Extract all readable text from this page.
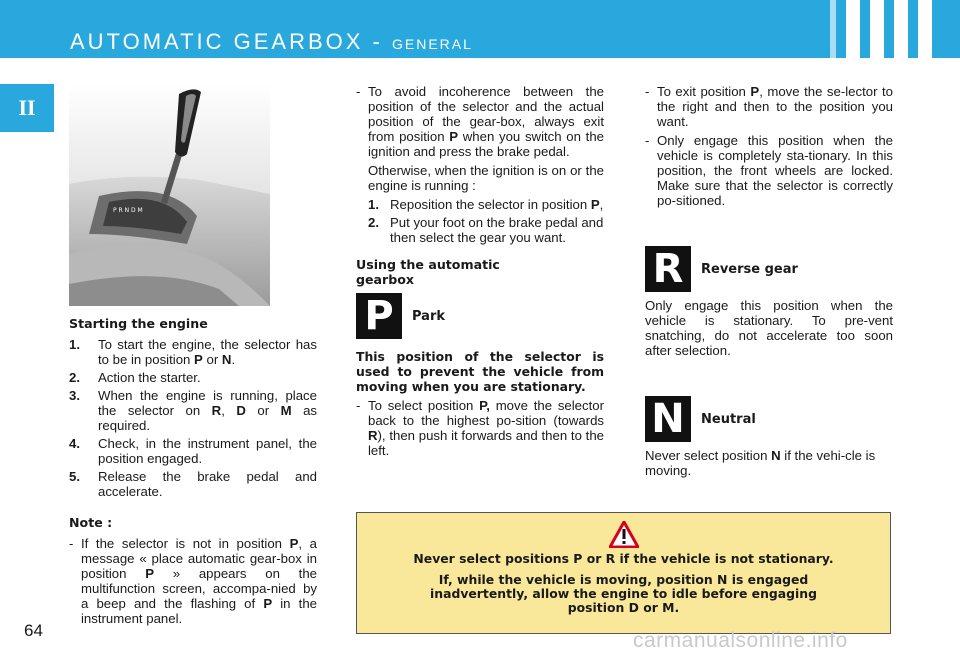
AUTOMATIC GEARBOX - GENERAL
II
P R N D M
Starting the engine
1.	To start the engine, the selector has to be in position P or N.
2.	Action the starter.
3.	When the engine is running, place the selector on R, D or M as required.
4.	Check, in the instrument panel, the position engaged.
5.	Release the brake pedal and accelerate.
Note :
- If the selector is not in position P, a message « place automatic gear-box in position P » appears on the multifunction screen, accompa-nied by a beep and the flashing of P in the instrument panel.
- To avoid incoherence between the position of the selector and the actual position of the gear-box, always exit from position P when you switch on the ignition and press the brake pedal.
Otherwise, when the ignition is on or the engine is running :
1. Reposition the selector in position P,
2. Put your foot on the brake pedal and then select the gear you want.
Using the automatic gearbox
P	Park
This position of the selector is used to prevent the vehicle from moving when you are stationary.
- To select position P, move the selector back to the highest po-sition (towards R), then push it forwards and then to the left.
- To exit position P, move the se-lector to the right and then to the position you want.
- Only engage this position when the vehicle is completely sta-tionary. In this position, the front wheels are locked. Make sure that the selector is correctly po-sitioned.
R	Reverse gear
Only engage this position when the vehicle is stationary. To pre-vent snatching, do not accelerate too soon after selection.
N	Neutral
Never select position N if the vehi-cle is moving.

Never select positions P or R if the vehicle is not stationary.

If, while the vehicle is moving, position N is engaged inadvertently, allow the engine to idle before engaging position D or M.

64	carmanualsonline.info
